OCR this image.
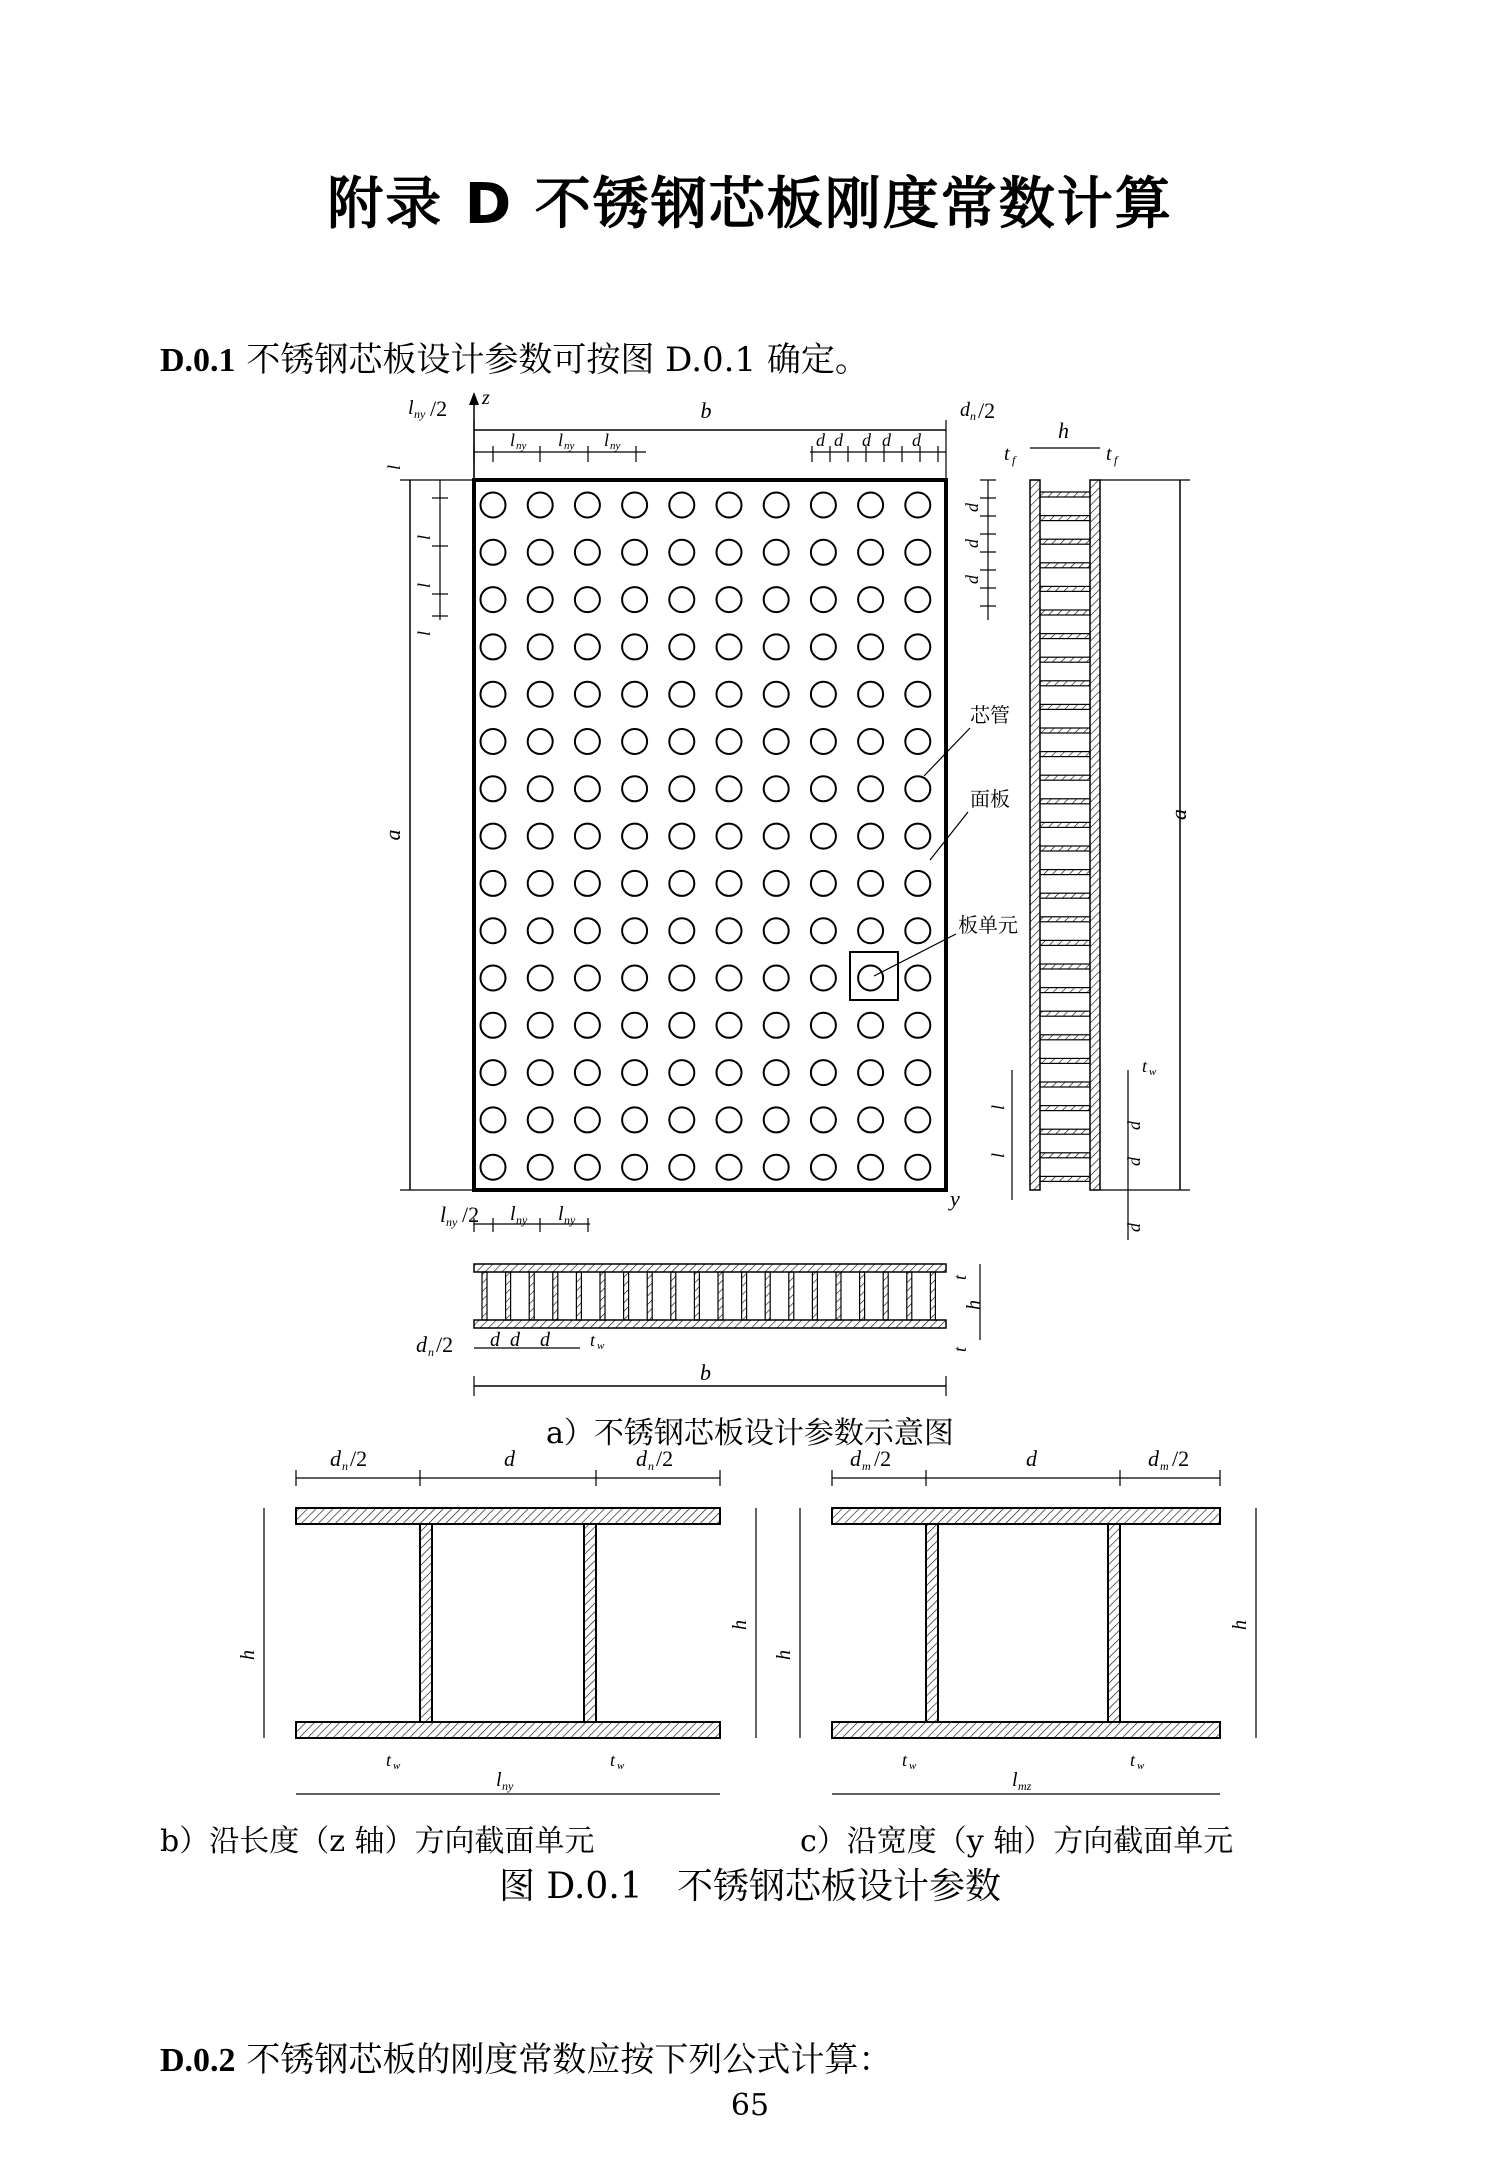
附录 D 不锈钢芯板刚度常数计算
D.0.1 不锈钢芯板设计参数可按图 D.0.1 确定。
b
z
l ny /2
l ny l ny l ny	d d d d d
d n /2
a
l
l
l
l
d
d
d
芯管
面板
板单元
y
l ny /2 l ny l ny
h
t f	t f
a
l
l
t w
d
d
d
t
h
t
d n /2 d d d t w
b
d n /2	d	d n /2
h
h
l ny
t w	t w
d m /2	d	d m /2
h
h
l mz
t w	t w
a）不锈钢芯板设计参数示意图
b）沿长度（z 轴）方向截面单元	c）沿宽度（y 轴）方向截面单元
图 D.0.1 不锈钢芯板设计参数
D.0.2 不锈钢芯板的刚度常数应按下列公式计算：
65
